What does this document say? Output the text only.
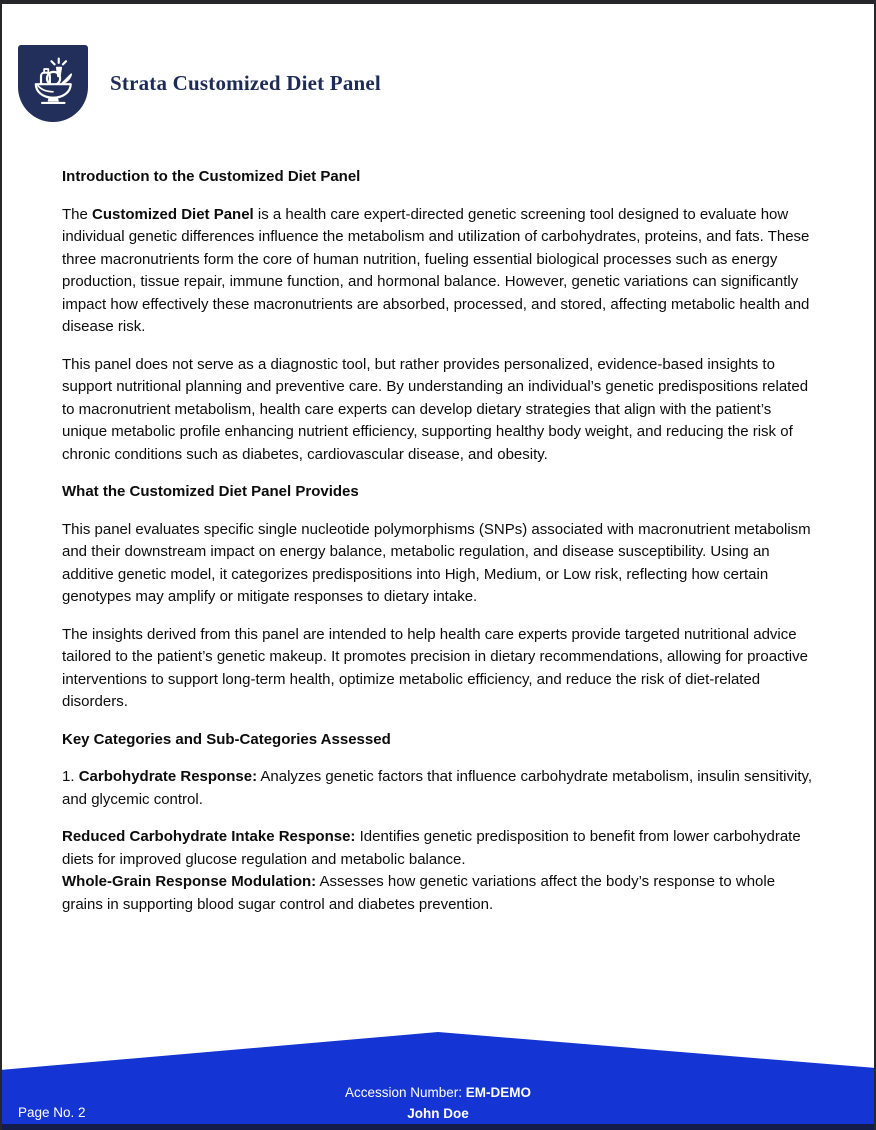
Strata Customized Diet Panel

Introduction to the Customized Diet Panel

The Customized Diet Panel is a health care expert-directed genetic screening tool designed to evaluate how individual genetic differences influence the metabolism and utilization of carbohydrates, proteins, and fats. These three macronutrients form the core of human nutrition, fueling essential biological processes such as energy production, tissue repair, immune function, and hormonal balance. However, genetic variations can significantly impact how effectively these macronutrients are absorbed, processed, and stored, affecting metabolic health and disease risk.

This panel does not serve as a diagnostic tool, but rather provides personalized, evidence-based insights to support nutritional planning and preventive care. By understanding an individual’s genetic predispositions related to macronutrient metabolism, health care experts can develop dietary strategies that align with the patient’s unique metabolic profile enhancing nutrient efficiency, supporting healthy body weight, and reducing the risk of chronic conditions such as diabetes, cardiovascular disease, and obesity.

What the Customized Diet Panel Provides

This panel evaluates specific single nucleotide polymorphisms (SNPs) associated with macronutrient metabolism and their downstream impact on energy balance, metabolic regulation, and disease susceptibility. Using an additive genetic model, it categorizes predispositions into High, Medium, or Low risk, reflecting how certain genotypes may amplify or mitigate responses to dietary intake.

The insights derived from this panel are intended to help health care experts provide targeted nutritional advice tailored to the patient’s genetic makeup. It promotes precision in dietary recommendations, allowing for proactive interventions to support long-term health, optimize metabolic efficiency, and reduce the risk of diet-related disorders.

Key Categories and Sub-Categories Assessed

1. Carbohydrate Response: Analyzes genetic factors that influence carbohydrate metabolism, insulin sensitivity, and glycemic control.

Reduced Carbohydrate Intake Response: Identifies genetic predisposition to benefit from lower carbohydrate diets for improved glucose regulation and metabolic balance.
Whole-Grain Response Modulation: Assesses how genetic variations affect the body’s response to whole grains in supporting blood sugar control and diabetes prevention.

Accession Number: EM-DEMO
John Doe
Page No. 2
